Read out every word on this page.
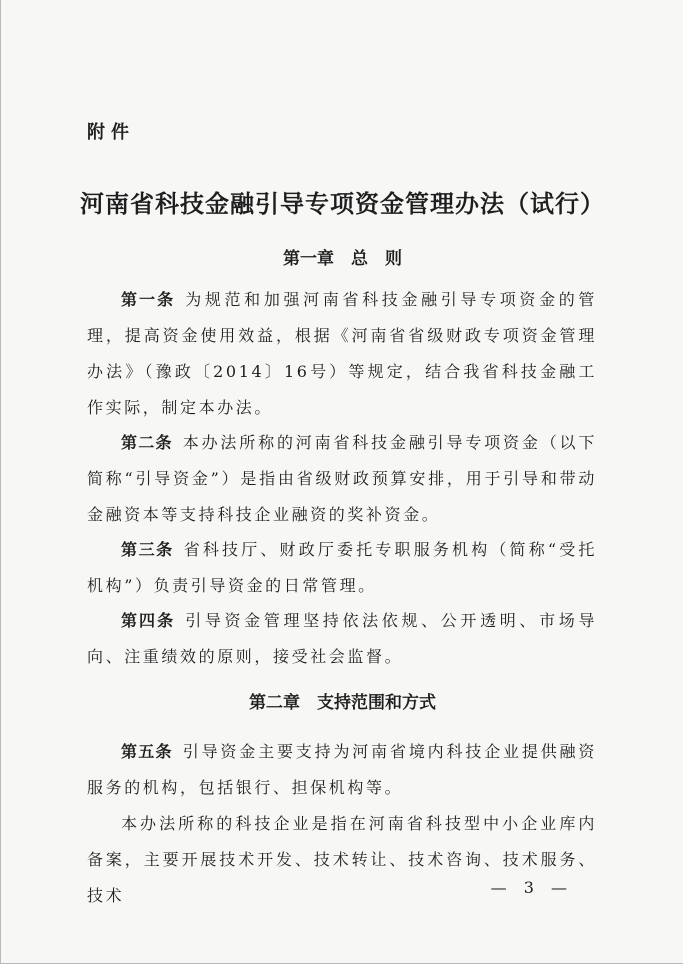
附件
河南省科技金融引导专项资金管理办法（试行）
第一章　总　则

第一条 为规范和加强河南省科技金融引导专项资金的管理，提高资金使用效益，根据《河南省省级财政专项资金管理办法》（豫政〔2014〕16号）等规定，结合我省科技金融工作实际，制定本办法。

第二条 本办法所称的河南省科技金融引导专项资金（以下简称“引导资金”）是指由省级财政预算安排，用于引导和带动金融资本等支持科技企业融资的奖补资金。

第三条 省科技厅、财政厅委托专职服务机构（简称“受托机构”）负责引导资金的日常管理。

第四条 引导资金管理坚持依法依规、公开透明、市场导向、注重绩效的原则，接受社会监督。

第二章　支持范围和方式

第五条 引导资金主要支持为河南省境内科技企业提供融资服务的机构，包括银行、担保机构等。

本办法所称的科技企业是指在河南省科技型中小企业库内备案，主要开展技术开发、技术转让、技术咨询、技术服务、技术	— 3 —
